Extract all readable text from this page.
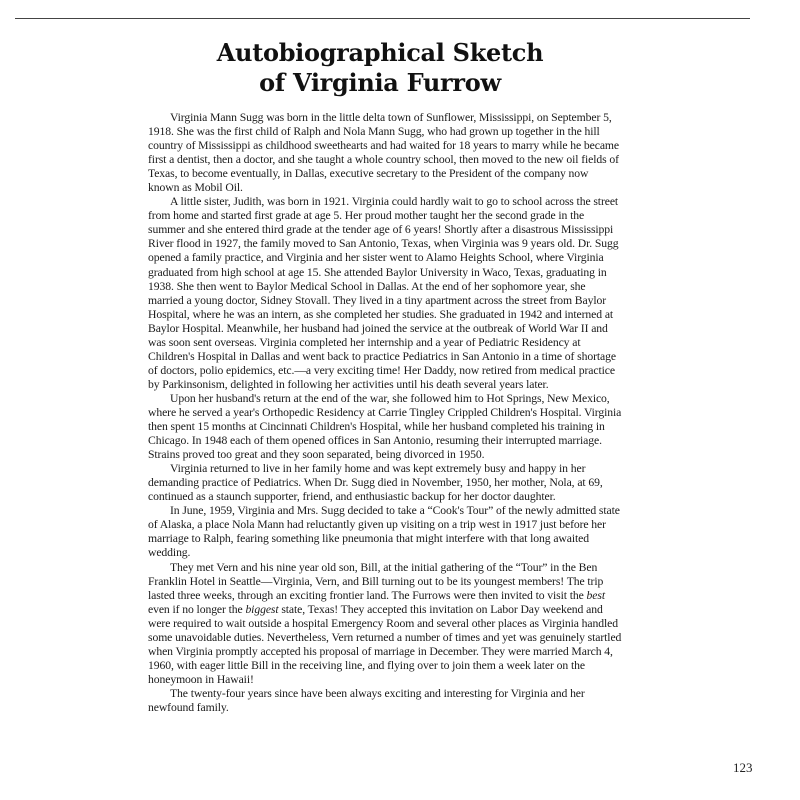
Autobiographical Sketch
of Virginia Furrow

Virginia Mann Sugg was born in the little delta town of Sunflower, Mississippi, on September 5, 1918. She was the first child of Ralph and Nola Mann Sugg, who had grown up together in the hill country of Mississippi as childhood sweethearts and had waited for 18 years to marry while he became first a dentist, then a doctor, and she taught a whole country school, then moved to the new oil fields of Texas, to become eventually, in Dallas, executive secretary to the President of the company now known as Mobil Oil.

A little sister, Judith, was born in 1921. Virginia could hardly wait to go to school across the street from home and started first grade at age 5. Her proud mother taught her the second grade in the summer and she entered third grade at the tender age of 6 years! Shortly after a disastrous Mississippi River flood in 1927, the family moved to San Antonio, Texas, when Virginia was 9 years old. Dr. Sugg opened a family practice, and Virginia and her sister went to Alamo Heights School, where Virginia graduated from high school at age 15. She attended Baylor University in Waco, Texas, graduating in 1938. She then went to Baylor Medical School in Dallas. At the end of her sophomore year, she married a young doctor, Sidney Stovall. They lived in a tiny apartment across the street from Baylor Hospital, where he was an intern, as she completed her studies. She graduated in 1942 and interned at Baylor Hospital. Meanwhile, her husband had joined the service at the outbreak of World War II and was soon sent overseas. Virginia completed her internship and a year of Pediatric Residency at Children's Hospital in Dallas and went back to practice Pediatrics in San Antonio in a time of shortage of doctors, polio epidemics, etc.—a very exciting time! Her Daddy, now retired from medical practice by Parkinsonism, delighted in following her activities until his death several years later.

Upon her husband's return at the end of the war, she followed him to Hot Springs, New Mexico, where he served a year's Orthopedic Residency at Carrie Tingley Crippled Children's Hospital. Virginia then spent 15 months at Cincinnati Children's Hospital, while her husband completed his training in Chicago. In 1948 each of them opened offices in San Antonio, resuming their interrupted marriage. Strains proved too great and they soon separated, being divorced in 1950.

Virginia returned to live in her family home and was kept extremely busy and happy in her demanding practice of Pediatrics. When Dr. Sugg died in November, 1950, her mother, Nola, at 69, continued as a staunch supporter, friend, and enthusiastic backup for her doctor daughter.

In June, 1959, Virginia and Mrs. Sugg decided to take a “Cook's Tour” of the newly admitted state of Alaska, a place Nola Mann had reluctantly given up visiting on a trip west in 1917 just before her marriage to Ralph, fearing something like pneumonia that might interfere with that long awaited wedding.

They met Vern and his nine year old son, Bill, at the initial gathering of the “Tour” in the Ben Franklin Hotel in Seattle—Virginia, Vern, and Bill turning out to be its youngest members! The trip lasted three weeks, through an exciting frontier land. The Furrows were then invited to visit the best even if no longer the biggest state, Texas! They accepted this invitation on Labor Day weekend and were required to wait outside a hospital Emergency Room and several other places as Virginia handled some unavoidable duties. Nevertheless, Vern returned a number of times and yet was genuinely startled when Virginia promptly accepted his proposal of marriage in December. They were married March 4, 1960, with eager little Bill in the receiving line, and flying over to join them a week later on the honeymoon in Hawaii!

The twenty-four years since have been always exciting and interesting for Virginia and her newfound family.

123
